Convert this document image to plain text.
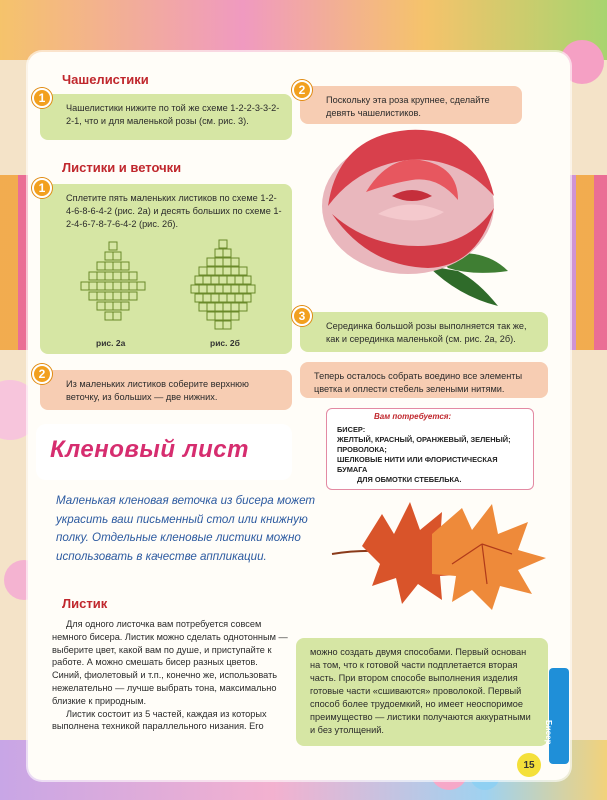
Чашелистики
1
Чашелистики нижите по той же схеме 1-2-2-3-3-2-2-1, что и для маленькой розы (см. рис. 3).
Листики и веточки
1
Сплетите пять маленьких листиков по схеме 1-2-4-6-8-6-4-2 (рис. 2а) и десять больших по схеме 1-2-4-6-7-8-7-6-4-2 (рис. 2б).
рис. 2а	рис. 2б
2
Из маленьких листиков соберите верхнюю веточку, из больших — две нижних.
2
Поскольку эта роза крупнее, сделайте девять чашелистиков.
3
Серединка большой розы выполняется так же, как и серединка маленькой (см. рис. 2а, 2б).
Теперь осталось собрать воедино все элементы цветка и оплести стебель зелеными нитями.
Кленовый лист
БИСЕР:
ЖЕЛТЫЙ, КРАСНЫЙ, ОРАНЖЕВЫЙ, ЗЕЛЕНЫЙ;
ПРОВОЛОКА;
ШЕЛКОВЫЕ НИТИ ИЛИ ФЛОРИСТИЧЕСКАЯ БУМАГА
ДЛЯ ОБМОТКИ СТЕБЕЛЬКА.
Вам потребуется:
Маленькая кленовая веточка из бисера может украсить ваш письменный стол или книжную полку. Отдельные кленовые листики можно использовать в качестве аппликации.
Листик

Для одного листочка вам потребуется совсем немного бисера. Листик можно сделать однотонным — выберите цвет, какой вам по душе, и приступайте к работе. А можно смешать бисер разных цветов. Синий, фиолетовый и т.п., конечно же, использовать нежелательно — лучше выбрать тона, максимально близкие к природным.

Листик состоит из 5 частей, каждая из которых выполнена техникой параллельного низания. Его

можно создать двумя способами. Первый основан на том, что к готовой части подплетается вторая часть. При втором способе выполнения изделия готовые части «сшиваются» проволокой. Первый способ более трудоемкий, но имеет неоспоримое преимущество — листики получаются аккуратными и без утолщений.	Бисер
15
